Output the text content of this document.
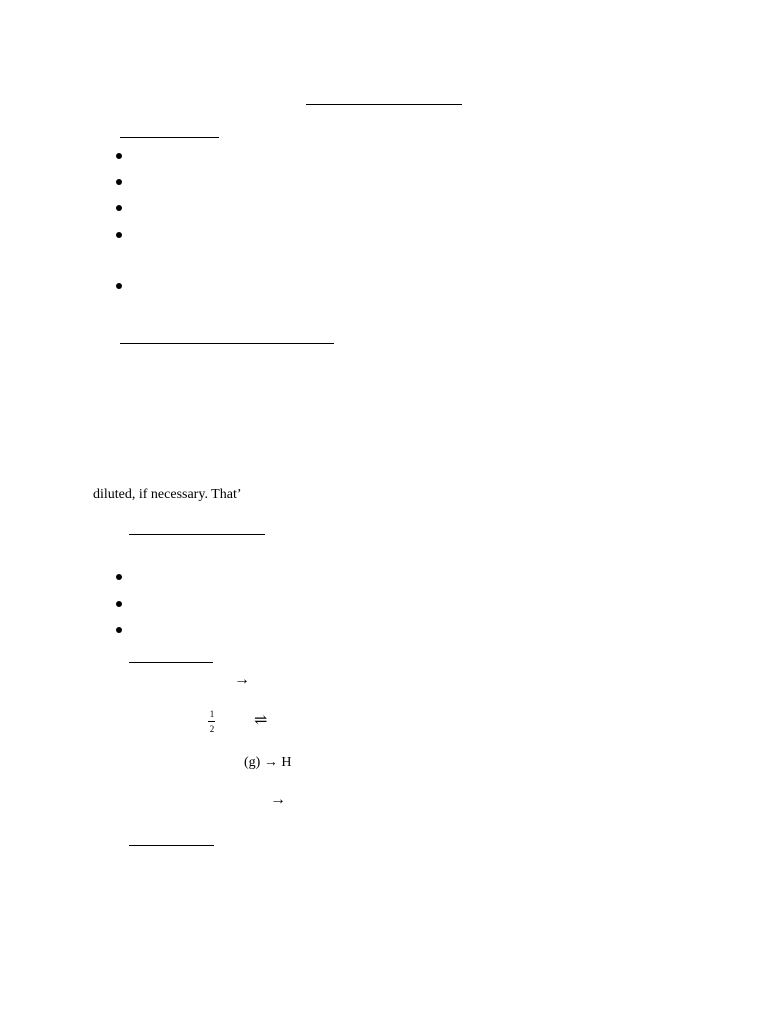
diluted, if necessary. That’
→
1
2 ⇌
(g) → H
→
